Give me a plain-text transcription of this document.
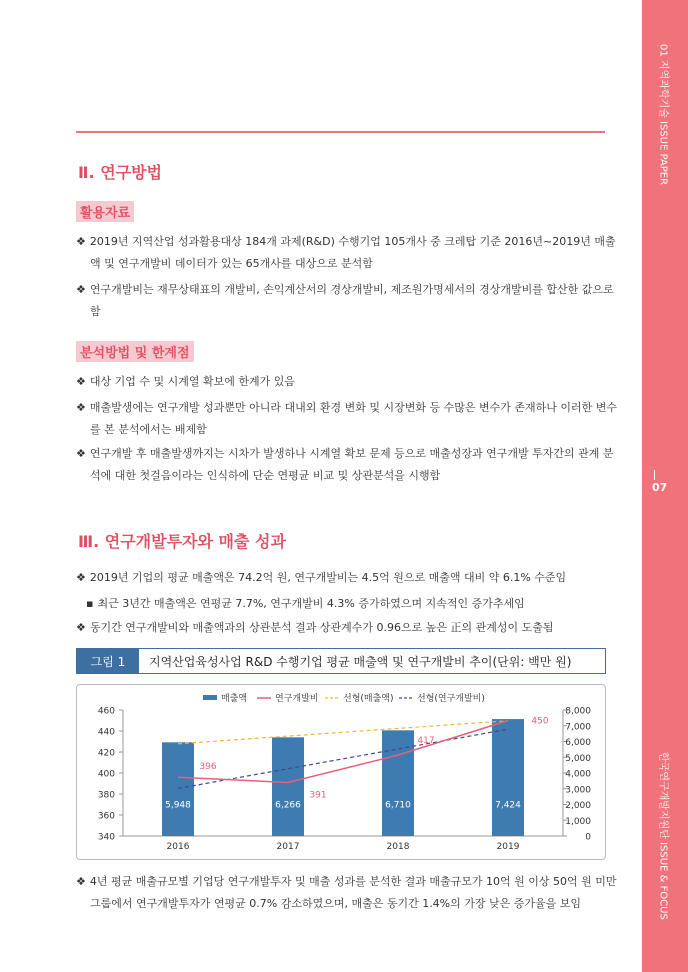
01 지역과학기술 ISSUE PAPER
07
한국연구개발지원단 ISSUE & FOCUS
Ⅱ. 연구방법
활용자료
❖ 2019년 지역산업 성과활용대상 184개 과제(R&D) 수행기업 105개사 중 크레탑 기준 2016년~2019년 매출액 및 연구개발비 데이터가 있는 65개사를 대상으로 분석함
❖ 연구개발비는 재무상태표의 개발비, 손익계산서의 경상개발비, 제조원가명세서의 경상개발비를 합산한 값으로 함
분석방법 및 한계점
❖ 대상 기업 수 및 시계열 확보에 한계가 있음
❖ 매출발생에는 연구개발 성과뿐만 아니라 대내외 환경 변화 및 시장변화 등 수많은 변수가 존재하나 이러한 변수를 본 분석에서는 배제함
❖ 연구개발 후 매출발생까지는 시차가 발생하나 시계열 확보 문제 등으로 매출성장과 연구개발 투자간의 관계 분석에 대한 첫걸음이라는 인식하에 단순 연평균 비교 및 상관분석을 시행함
Ⅲ. 연구개발투자와 매출 성과
❖ 2019년 기업의 평균 매출액은 74.2억 원, 연구개발비는 4.5억 원으로 매출액 대비 약 6.1% 수준임
▪ 최근 3년간 매출액은 연평균 7.7%, 연구개발비 4.3% 증가하였으며 지속적인 증가추세임
❖ 동기간 연구개발비와 매출액과의 상관분석 결과 상관계수가 0.96으로 높은 正의 관계성이 도출됨
그림 1	지역산업육성사업 R&D 수행기업 평균 매출액 및 연구개발비 추이(단위: 백만 원)
340
360
380
400
420
440
460
0
1,000
2,000
3,000
4,000
5,000
6,000
7,000
8,000
5,948	6,266	6,710	7,424
2016	2017	2018	2019
396
391
417
450
매출액	연구개발비	선형(매출액)	선형(연구개발비)
❖ 4년 평균 매출규모별 기업당 연구개발투자 및 매출 성과를 분석한 결과 매출규모가 10억 원 이상 50억 원 미만 그룹에서 연구개발투자가 연평균 0.7% 감소하였으며, 매출은 동기간 1.4%의 가장 낮은 증가율을 보임
